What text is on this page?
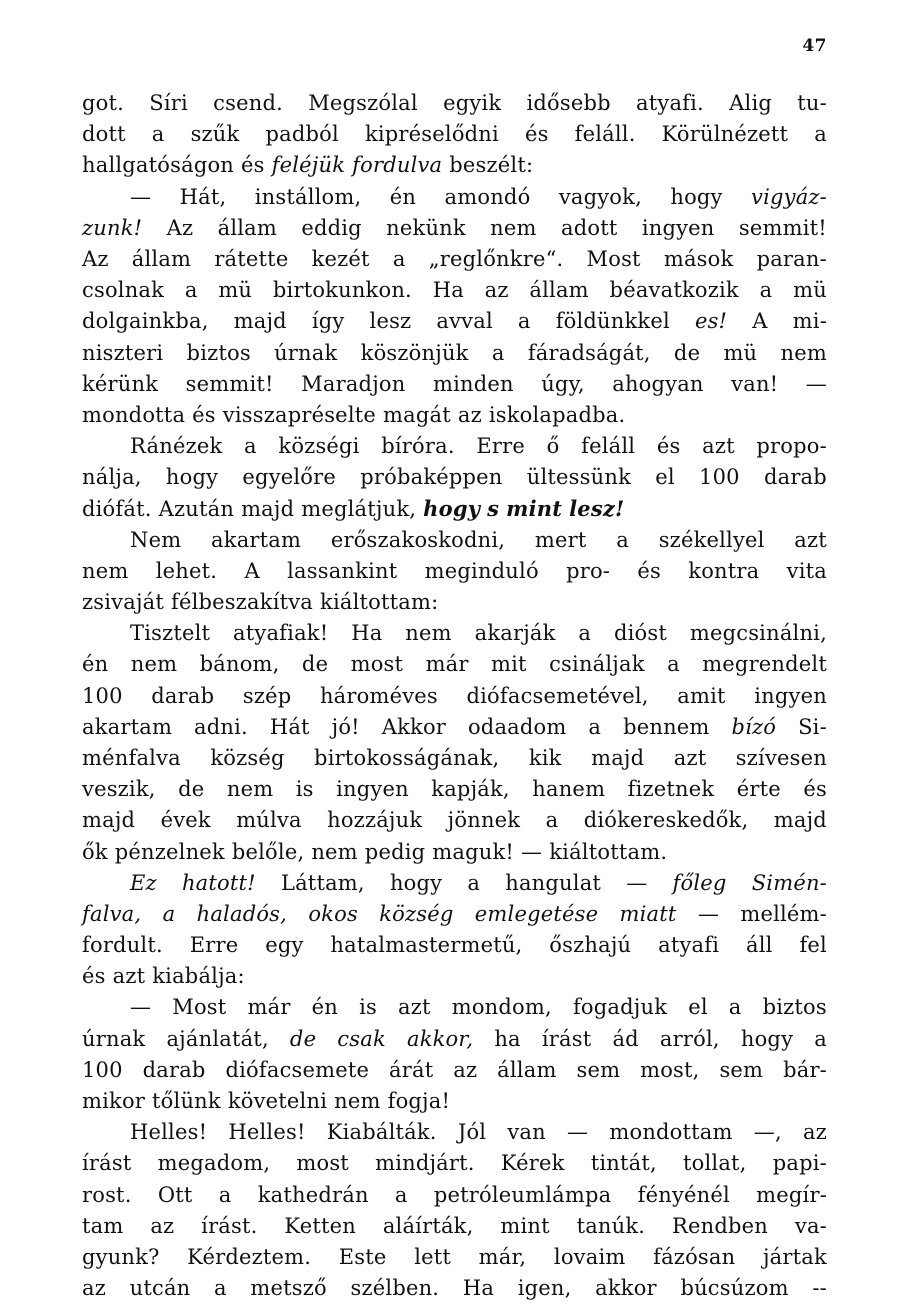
47
got. Síri csend. Megszólal egyik idősebb atyafi. Alig tu-
dott a szűk padból kipréselődni és feláll. Körülnézett a
hallgatóságon és feléjük fordulva beszélt:
— Hát, instállom, én amondó vagyok, hogy vigyáz-
zunk! Az állam eddig nekünk nem adott ingyen semmit!
Az állam rátette kezét a „reglőnkre“. Most mások paran-
csolnak a mü birtokunkon. Ha az állam béavatkozik a mü
dolgainkba, majd így lesz avval a földünkkel es! A mi-
niszteri biztos úrnak köszönjük a fáradságát, de mü nem
kérünk semmit! Maradjon minden úgy, ahogyan van! —
mondotta és visszapréselte magát az iskolapadba.
Ránézek a községi bíróra. Erre ő feláll és azt propo-
nálja, hogy egyelőre próbaképpen ültessünk el 100 darab
diófát. Azután majd meglátjuk, hogy s mint lesz!
Nem akartam erőszakoskodni, mert a székellyel azt
nem lehet. A lassankint meginduló pro- és kontra vita
zsivaját félbeszakítva kiáltottam:
Tisztelt atyafiak! Ha nem akarják a dióst megcsinálni,
én nem bánom, de most már mit csináljak a megrendelt
100 darab szép hároméves diófacsemetével, amit ingyen
akartam adni. Hát jó! Akkor odaadom a bennem bízó Si-
ménfalva község birtokosságának, kik majd azt szívesen
veszik, de nem is ingyen kapják, hanem fizetnek érte és
majd évek múlva hozzájuk jönnek a diókereskedők, majd
ők pénzelnek belőle, nem pedig maguk! — kiáltottam.
Ez hatott! Láttam, hogy a hangulat — főleg Simén-
falva, a haladós, okos község emlegetése miatt — mellém-
fordult. Erre egy hatalmastermetű, őszhajú atyafi áll fel
és azt kiabálja:
— Most már én is azt mondom, fogadjuk el a biztos
úrnak ajánlatát, de csak akkor, ha írást ád arról, hogy a
100 darab diófacsemete árát az állam sem most, sem bár-
mikor tőlünk követelni nem fogja!
Helles! Helles! Kiabálták. Jól van — mondottam —, az
írást megadom, most mindjárt. Kérek tintát, tollat, papi-
rost. Ott a kathedrán a petróleumlámpa fényénél megír-
tam az írást. Ketten aláírták, mint tanúk. Rendben va-
gyunk? Kérdeztem. Este lett már, lovaim fázósan jártak
az utcán a metsző szélben. Ha igen, akkor búcsúzom --
